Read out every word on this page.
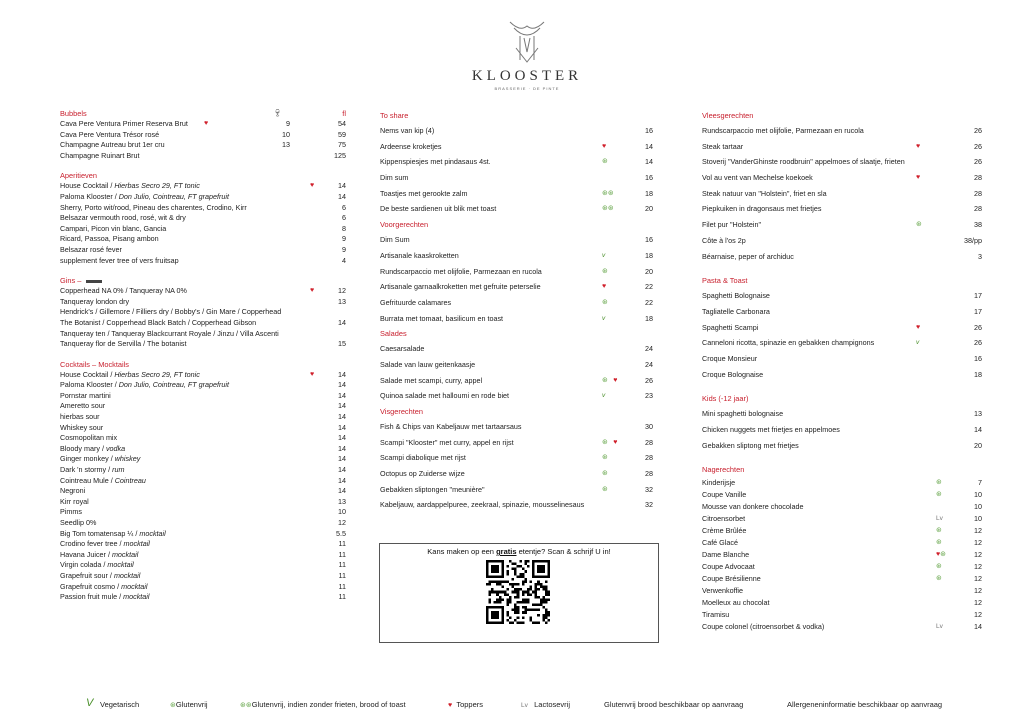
KLOOSTER
BRASSERIE · DE PINTE
Bubbels	🍷︎	fl
Cava Pere Ventura Primer Reserva Brut ♥	9	54
Cava Pere Ventura Trésor rosé	10	59
Champagne Autreau brut 1er cru	13	75
Champagne Ruinart Brut	125
Aperitieven
House Cocktail / Hierbas Secro 29, FT tonic	♥	14
Paloma Klooster / Don Julio, Cointreau, FT grapefruit	14
Sherry, Porto wit/rood, Pineau des charentes, Crodino, Kirr	6
Belsazar vermouth rood, rosé, wit & dry	6
Campari, Picon vin blanc, Gancia	8
Ricard, Passoa, Pisang ambon	9
Belsazar rosé fever	9
supplement fever tree of vers fruitsap	4
Gins –
Copperhead NA 0% / Tanqueray NA 0%	♥	12
Tanqueray london dry	13
Hendrick's / Gillemore / Filliers dry / Bobby's / Gin Mare / Copperhead
The Botanist / Copperhead Black Batch / Copperhead Gibson	14
Tanqueray ten / Tanqueray Blackcurrant Royale / Jinzu / Villa Ascenti
Tanqueray flor de Servilla / The botanist	15
Cocktails – Mocktails
House Cocktail / Hierbas Secro 29, FT tonic	♥	14
Paloma Klooster / Don Julio, Cointreau, FT grapefruit	14
Pornstar martini	14
Ameretto sour	14
hierbas sour	14
Whiskey sour	14
Cosmopolitan mix	14
Bloody mary / vodka	14
Ginger monkey / whiskey	14
Dark 'n stormy / rum	14
Cointreau Mule / Cointreau	14
Negroni	14
Kirr royal	13
Pimms	10
Seedlip 0%	12
Big Tom tomatensap ¼ / mocktail	5.5
Crodino fever tree / mocktail	11
Havana Juicer / mocktail	11
Virgin colada / mocktail	11
Grapefruit sour / mocktail	11
Grapefruit cosmo / mocktail	11
Passion fruit mule / mocktail	11
To share
Nems van kip (4)	16
Ardeense kroketjes	♥	14
Kippenspiesjes met pindasaus 4st.	⊛	14
Dim sum	16
Toastjes met gerookte zalm	⊛⊛	18
De beste sardienen uit blik met toast	⊛⊛	20
Voorgerechten
Dim Sum	16
Artisanale kaaskroketten	v	18
Rundscarpaccio met olijfolie, Parmezaan en rucola	⊛	20
Artisanale garnaalkroketten met gefruite peterselie	♥	22
Gefrituurde calamares	⊛	22
Burrata met tomaat, basilicum en toast	v	18
Salades
Caesarsalade	24
Salade van lauw geitenkaasje	24
Salade met scampi, curry, appel	⊛ ♥	26
Quinoa salade met halloumi en rode biet	v	23
Visgerechten
Fish & Chips van Kabeljauw met tartaarsaus	30
Scampi "Klooster" met curry, appel en rijst	⊛ ♥	28
Scampi diabolique met rijst	⊛	28
Octopus op Zuiderse wijze	⊛	28
Gebakken sliptongen "meunière"	⊛	32
Kabeljauw, aardappelpuree, zeekraal, spinazie, mousselinesaus	32
Kans maken op een gratis etentje? Scan & schrijf U in!
Vleesgerechten
Rundscarpaccio met olijfolie, Parmezaan en rucola	26
Steak tartaar	♥	26
Stoverij "VanderGhinste roodbruin" appelmoes of slaatje, frieten	26
Vol au vent van Mechelse koekoek	♥	28
Steak natuur van "Holstein", friet en sla	28
Piepkuiken in dragonsaus met frietjes	28
Filet pur "Holstein"	⊛	38
Côte à l'os 2p	38/pp
Béarnaise, peper of archiduc	3
Pasta & Toast
Spaghetti Bolognaise	17
Tagliatelle Carbonara	17
Spaghetti Scampi	♥	26
Canneloni ricotta, spinazie en gebakken champignons	v	26
Croque Monsieur	16
Croque Bolognaise	18
Kids (-12 jaar)
Mini spaghetti bolognaise	13
Chicken nuggets met frietjes en appelmoes	14
Gebakken sliptong met frietjes	20
Nagerechten
Kinderijsje	⊛	7
Coupe Vanille	⊛	10
Mousse van donkere chocolade	10
Citroensorbet	Lv	10
Crème Brûlée	⊛	12
Café Glacé	⊛	12
Dame Blanche	♥⊛	12
Coupe Advocaat	⊛	12
Coupe Brésilienne	⊛	12
Verwenkoffie	12
Moelleux au chocolat	12
Tiramisu	12
Coupe colonel (citroensorbet & vodka)	Lv	14
V Vegetarisch	⊛Glutenvrij	⊛⊛Glutenvrij, indien zonder frieten, brood of toast	♥ Toppers	Lv Lactosevrij	Glutenvrij brood beschikbaar op aanvraag	Allergeneninformatie beschikbaar op aanvraag
